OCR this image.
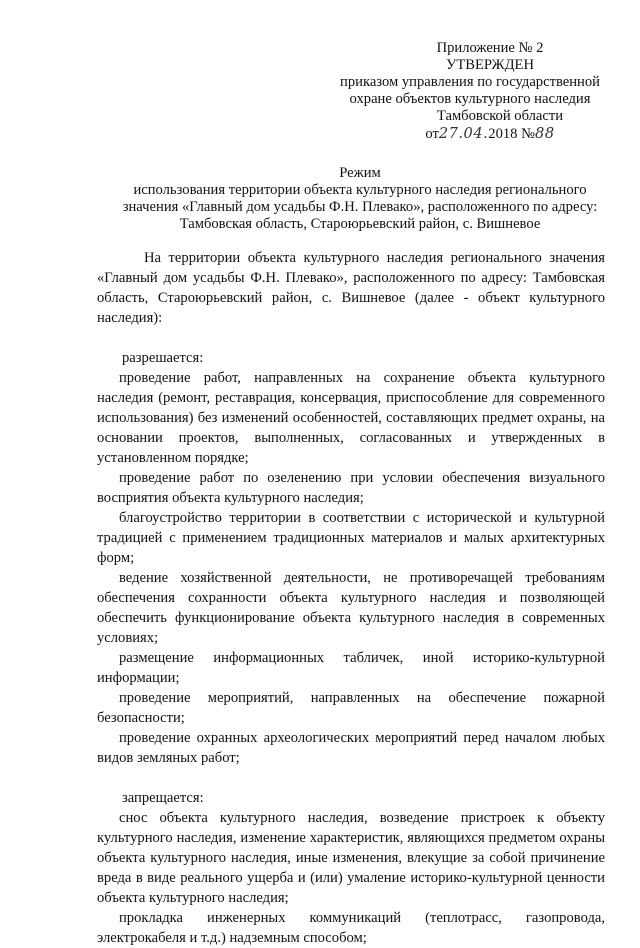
Приложение № 2
УТВЕРЖДЕН
приказом управления по государственной
охране объектов культурного наследия
Тамбовской области
от27.04.2018 №88
Режим
использования территории объекта культурного наследия регионального
значения «Главный дом усадьбы Ф.Н. Плевако», расположенного по адресу:
Тамбовская область, Староюрьевский район, с. Вишневое

На территории объекта культурного наследия регионального значения «Главный дом усадьбы Ф.Н. Плевако», расположенного по адресу: Тамбовская область, Староюрьевский район, с. Вишневое (далее - объект культурного наследия):

разрешается:

проведение работ, направленных на сохранение объекта культурного наследия (ремонт, реставрация, консервация, приспособление для современного использования) без изменений особенностей, составляющих предмет охраны, на основании проектов, выполненных, согласованных и утвержденных в установленном порядке;

проведение работ по озеленению при условии обеспечения визуального восприятия объекта культурного наследия;

благоустройство территории в соответствии с исторической и культурной традицией с применением традиционных материалов и малых архитектурных форм;

ведение хозяйственной деятельности, не противоречащей требованиям обеспечения сохранности объекта культурного наследия и позволяющей обеспечить функционирование объекта культурного наследия в современных условиях;

размещение информационных табличек, иной историко-культурной информации;

проведение мероприятий, направленных на обеспечение пожарной безопасности;

проведение охранных археологических мероприятий перед началом любых видов земляных работ;

запрещается:

снос объекта культурного наследия, возведение пристроек к объекту культурного наследия, изменение характеристик, являющихся предметом охраны объекта культурного наследия, иные изменения, влекущие за собой причинение вреда в виде реального ущерба и (или) умаление историко-культурной ценности объекта культурного наследия;

прокладка инженерных коммуникаций (теплотрасс, газопровода, электрокабеля и т.д.) надземным способом;
